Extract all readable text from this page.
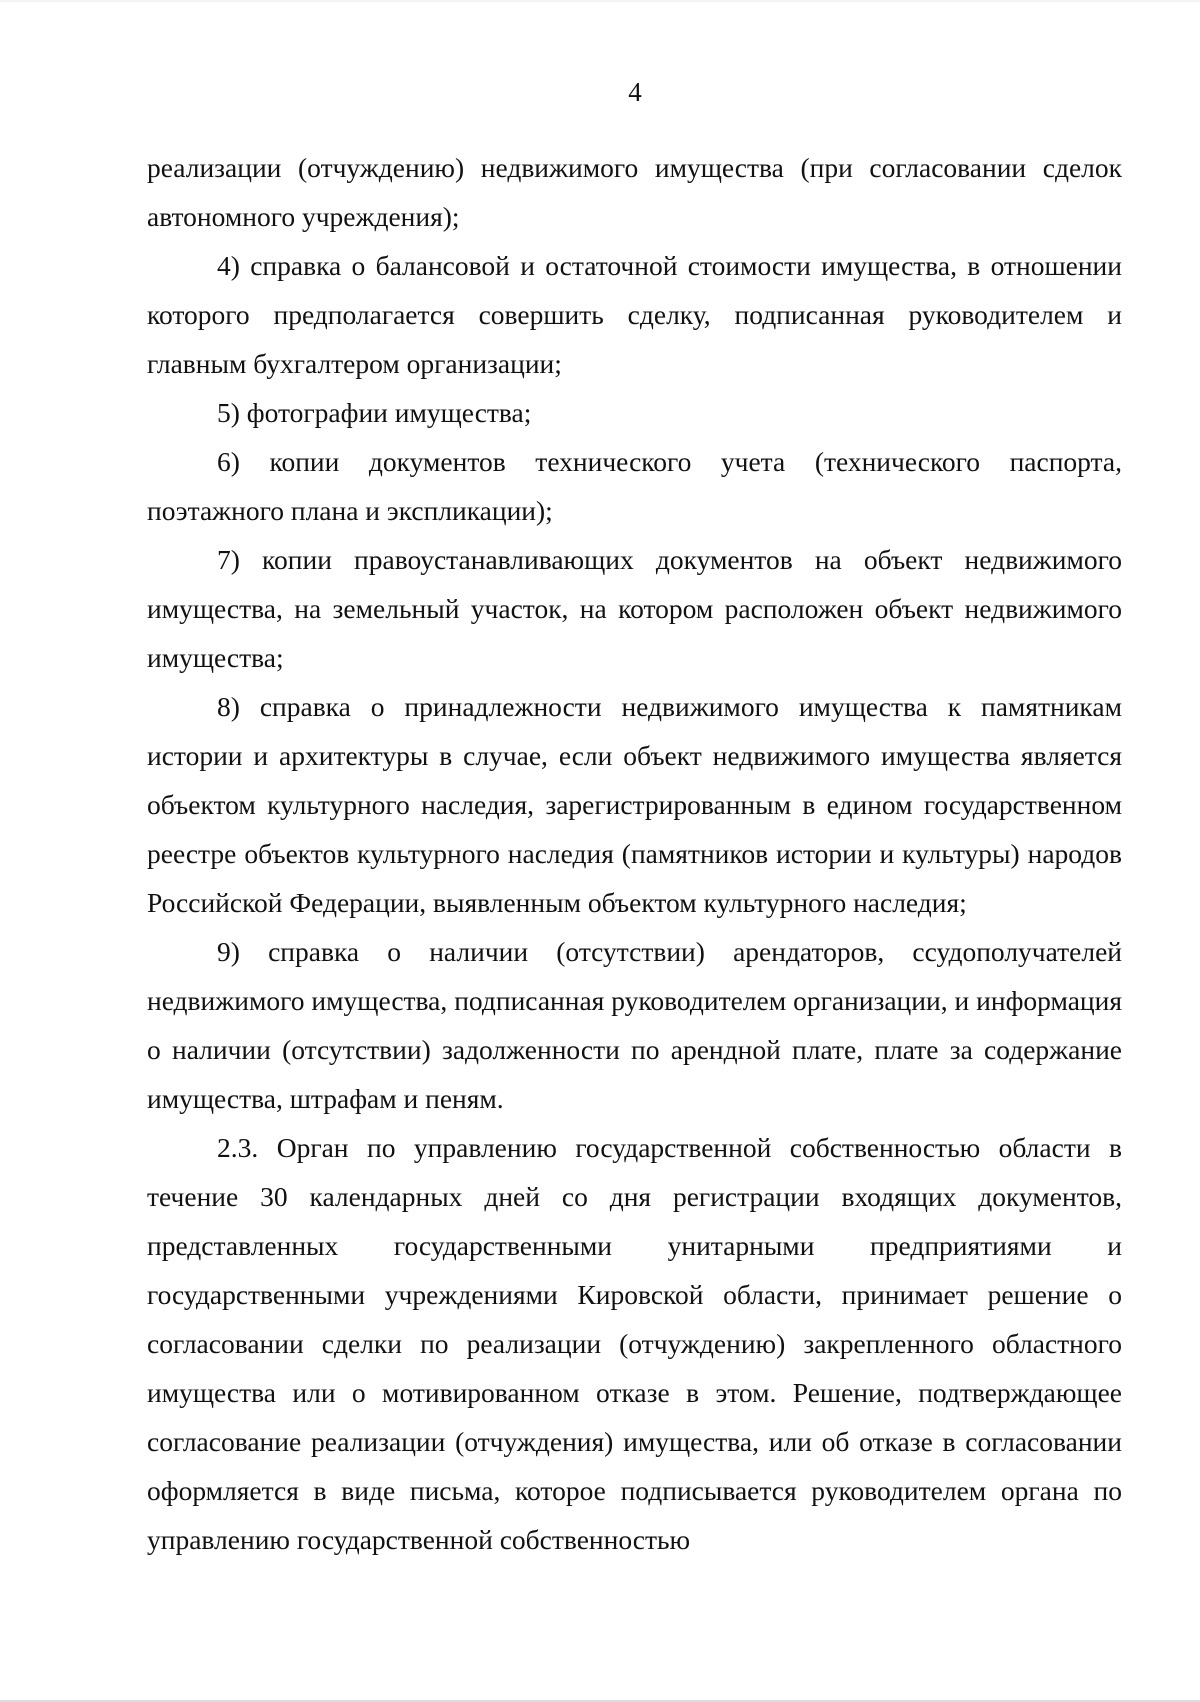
4

реализации (отчуждению) недвижимого имущества (при согласовании сделок автономного учреждения);

4) справка о балансовой и остаточной стоимости имущества, в отношении которого предполагается совершить сделку, подписанная руководителем и главным бухгалтером организации;

5) фотографии имущества;

6) копии документов технического учета (технического паспорта, поэтажного плана и экспликации);

7) копии правоустанавливающих документов на объект недвижимого имущества, на земельный участок, на котором расположен объект недвижимого имущества;

8) справка о принадлежности недвижимого имущества к памятникам истории и архитектуры в случае, если объект недвижимого имущества является объектом культурного наследия, зарегистрированным в едином государственном реестре объектов культурного наследия (памятников истории и культуры) народов Российской Федерации, выявленным объектом культурного наследия;

9) справка о наличии (отсутствии) арендаторов, ссудополучателей недвижимого имущества, подписанная руководителем организации, и информация о наличии (отсутствии) задолженности по арендной плате, плате за содержание имущества, штрафам и пеням.

2.3. Орган по управлению государственной собственностью области в течение 30 календарных дней со дня регистрации входящих документов, представленных государственными унитарными предприятиями и государственными учреждениями Кировской области, принимает решение о согласовании сделки по реализации (отчуждению) закрепленного областного имущества или о мотивированном отказе в этом. Решение, подтверждающее согласование реализации (отчуждения) имущества, или об отказе в согласовании оформляется в виде письма, которое подписывается руководителем органа по управлению государственной собственностью
